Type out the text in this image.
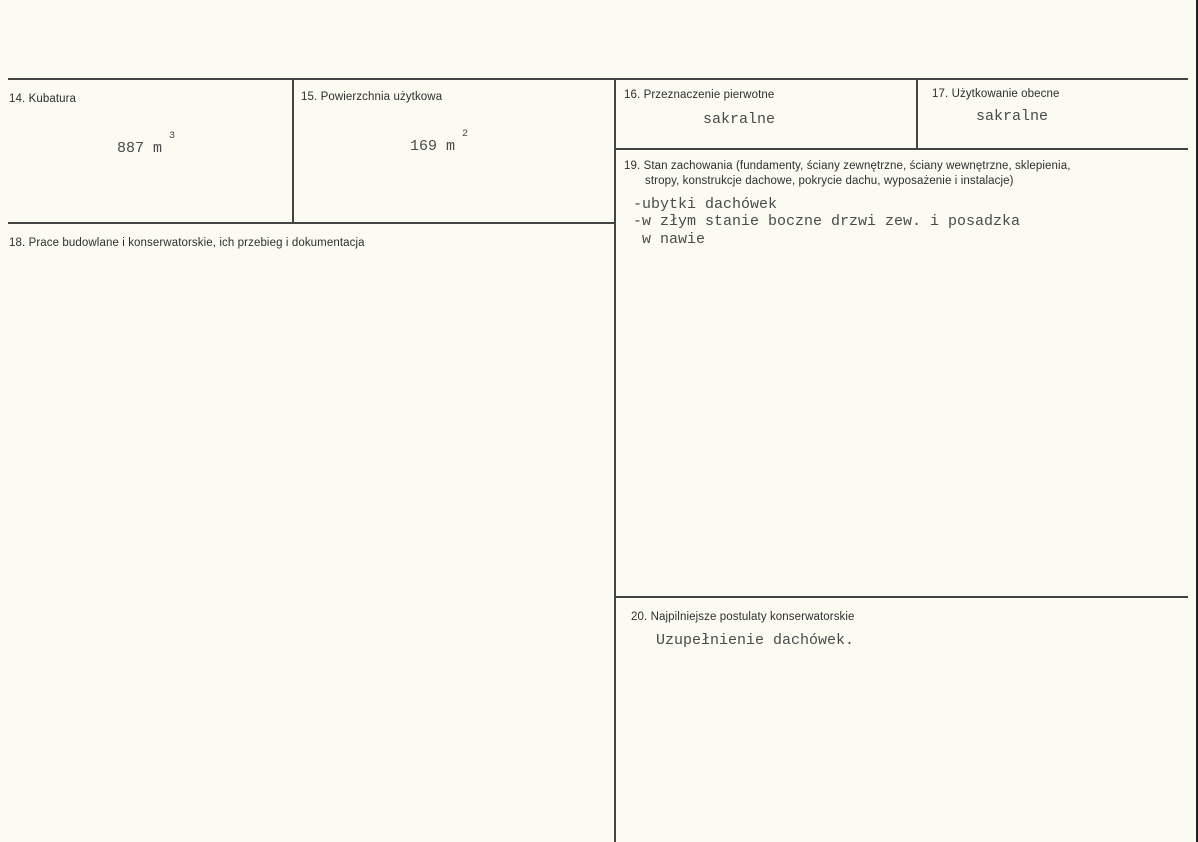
14. Kubatura
887 m
3
15. Powierzchnia użytkowa
169 m
2
16. Przeznaczenie pierwotne
sakralne
17. Użytkowanie obecne
sakralne
18. Prace budowlane i konserwatorskie, ich przebieg i dokumentacja
19. Stan zachowania (fundamenty, ściany zewnętrzne, ściany wewnętrzne, sklepienia,
stropy, konstrukcje dachowe, pokrycie dachu, wyposażenie i instalacje)
-ubytki dachówek
-w złym stanie boczne drzwi zew. i posadzka
w nawie
20. Najpilniejsze postulaty konserwatorskie
Uzupełnienie dachówek.
